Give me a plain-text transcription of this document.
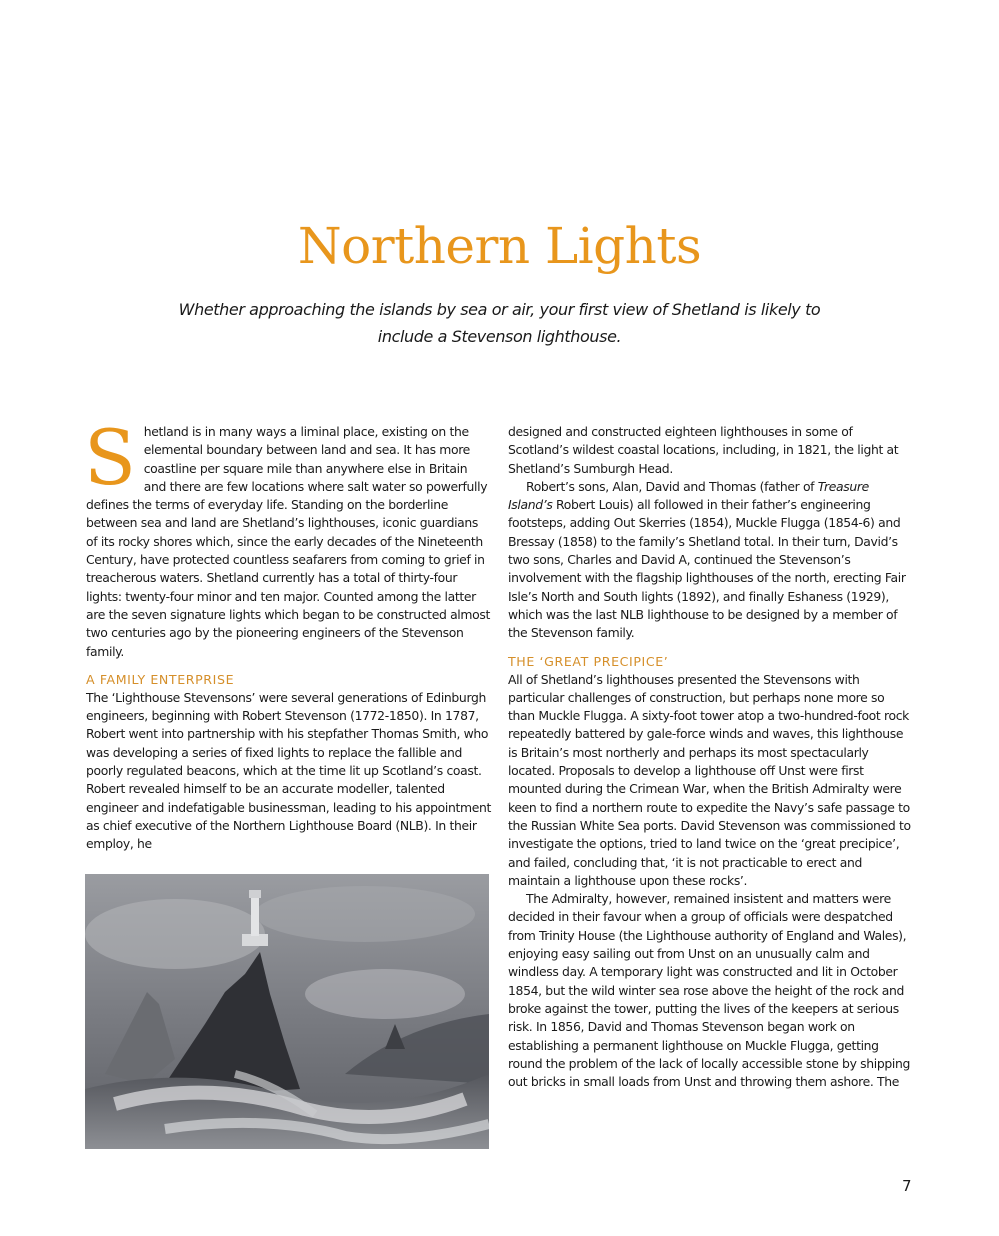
Northern Lights
Whether approaching the islands by sea or air, your first view of Shetland is likely to include a Stevenson lighthouse.

Shetland is in many ways a liminal place, existing on the elemental boundary between land and sea. It has more coastline per square mile than anywhere else in Britain and there are few locations where salt water so powerfully defines the terms of everyday life. Standing on the borderline between sea and land are Shetland’s lighthouses, iconic guardians of its rocky shores which, since the early decades of the Nineteenth Century, have protected countless seafarers from coming to grief in treacherous waters. Shetland currently has a total of thirty-four lights: twenty-four minor and ten major. Counted among the latter are the seven signature lights which began to be constructed almost two centuries ago by the pioneering engineers of the Stevenson family.

A FAMILY ENTERPRISE

The ‘Lighthouse Stevensons’ were several generations of Edinburgh engineers, beginning with Robert Stevenson (1772-1850). In 1787, Robert went into partnership with his stepfather Thomas Smith, who was developing a series of fixed lights to replace the fallible and poorly regulated beacons, which at the time lit up Scotland’s coast. Robert revealed himself to be an accurate modeller, talented engineer and indefatigable businessman, leading to his appointment as chief executive of the Northern Lighthouse Board (NLB). In their employ, he

designed and constructed eighteen lighthouses in some of Scotland’s wildest coastal locations, including, in 1821, the light at Shetland’s Sumburgh Head.

Robert’s sons, Alan, David and Thomas (father of Treasure Island’s Robert Louis) all followed in their father’s engineering footsteps, adding Out Skerries (1854), Muckle Flugga (1854-6) and Bressay (1858) to the family’s Shetland total. In their turn, David’s two sons, Charles and David A, continued the Stevenson’s involvement with the flagship lighthouses of the north, erecting Fair Isle’s North and South lights (1892), and finally Eshaness (1929), which was the last NLB lighthouse to be designed by a member of the Stevenson family.

THE ‘GREAT PRECIPICE’

All of Shetland’s lighthouses presented the Stevensons with particular challenges of construction, but perhaps none more so than Muckle Flugga. A sixty-foot tower atop a two-hundred-foot rock repeatedly battered by gale-force winds and waves, this lighthouse is Britain’s most northerly and perhaps its most spectacularly located. Proposals to develop a lighthouse off Unst were first mounted during the Crimean War, when the British Admiralty were keen to find a northern route to expedite the Navy’s safe passage to the Russian White Sea ports. David Stevenson was commissioned to investigate the options, tried to land twice on the ‘great precipice’, and failed, concluding that, ‘it is not practicable to erect and maintain a lighthouse upon these rocks’.

The Admiralty, however, remained insistent and matters were decided in their favour when a group of officials were despatched from Trinity House (the Lighthouse authority of England and Wales), enjoying easy sailing out from Unst on an unusually calm and windless day. A temporary light was constructed and lit in October 1854, but the wild winter sea rose above the height of the rock and broke against the tower, putting the lives of the keepers at serious risk. In 1856, David and Thomas Stevenson began work on establishing a permanent lighthouse on Muckle Flugga, getting round the problem of the lack of locally accessible stone by shipping out bricks in small loads from Unst and throwing them ashore. The

7
